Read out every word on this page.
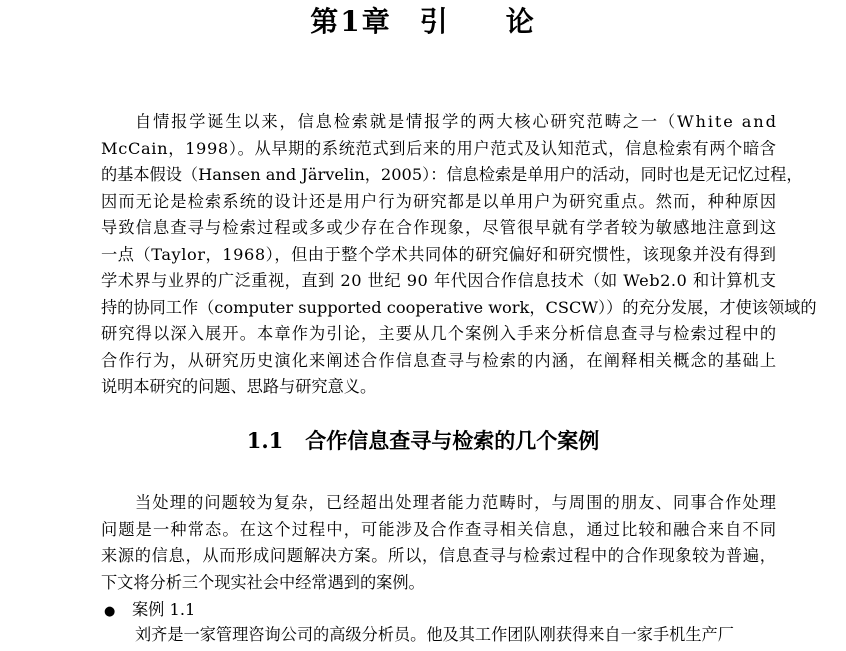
第1章 引 论

自情报学诞生以来，信息检索就是情报学的两大核心研究范畴之一（White and
McCain，1998）。从早期的系统范式到后来的用户范式及认知范式，信息检索有两个暗含
的基本假设（Hansen and Järvelin，2005）：信息检索是单用户的活动，同时也是无记忆过程，
因而无论是检索系统的设计还是用户行为研究都是以单用户为研究重点。然而，种种原因
导致信息查寻与检索过程或多或少存在合作现象，尽管很早就有学者较为敏感地注意到这
一点（Taylor，1968），但由于整个学术共同体的研究偏好和研究惯性，该现象并没有得到
学术界与业界的广泛重视，直到 20 世纪 90 年代因合作信息技术（如 Web2.0 和计算机支
持的协同工作（computer supported cooperative work，CSCW））的充分发展，才使该领域的
研究得以深入展开。本章作为引论，主要从几个案例入手来分析信息查寻与检索过程中的
合作行为，从研究历史演化来阐述合作信息查寻与检索的内涵，在阐释相关概念的基础上
说明本研究的问题、思路与研究意义。

1.1 合作信息查寻与检索的几个案例

当处理的问题较为复杂，已经超出处理者能力范畴时，与周围的朋友、同事合作处理
问题是一种常态。在这个过程中，可能涉及合作查寻相关信息，通过比较和融合来自不同
来源的信息，从而形成问题解决方案。所以，信息查寻与检索过程中的合作现象较为普遍，
下文将分析三个现实社会中经常遇到的案例。

● 案例 1.1

刘齐是一家管理咨询公司的高级分析员。他及其工作团队刚获得来自一家手机生产厂
